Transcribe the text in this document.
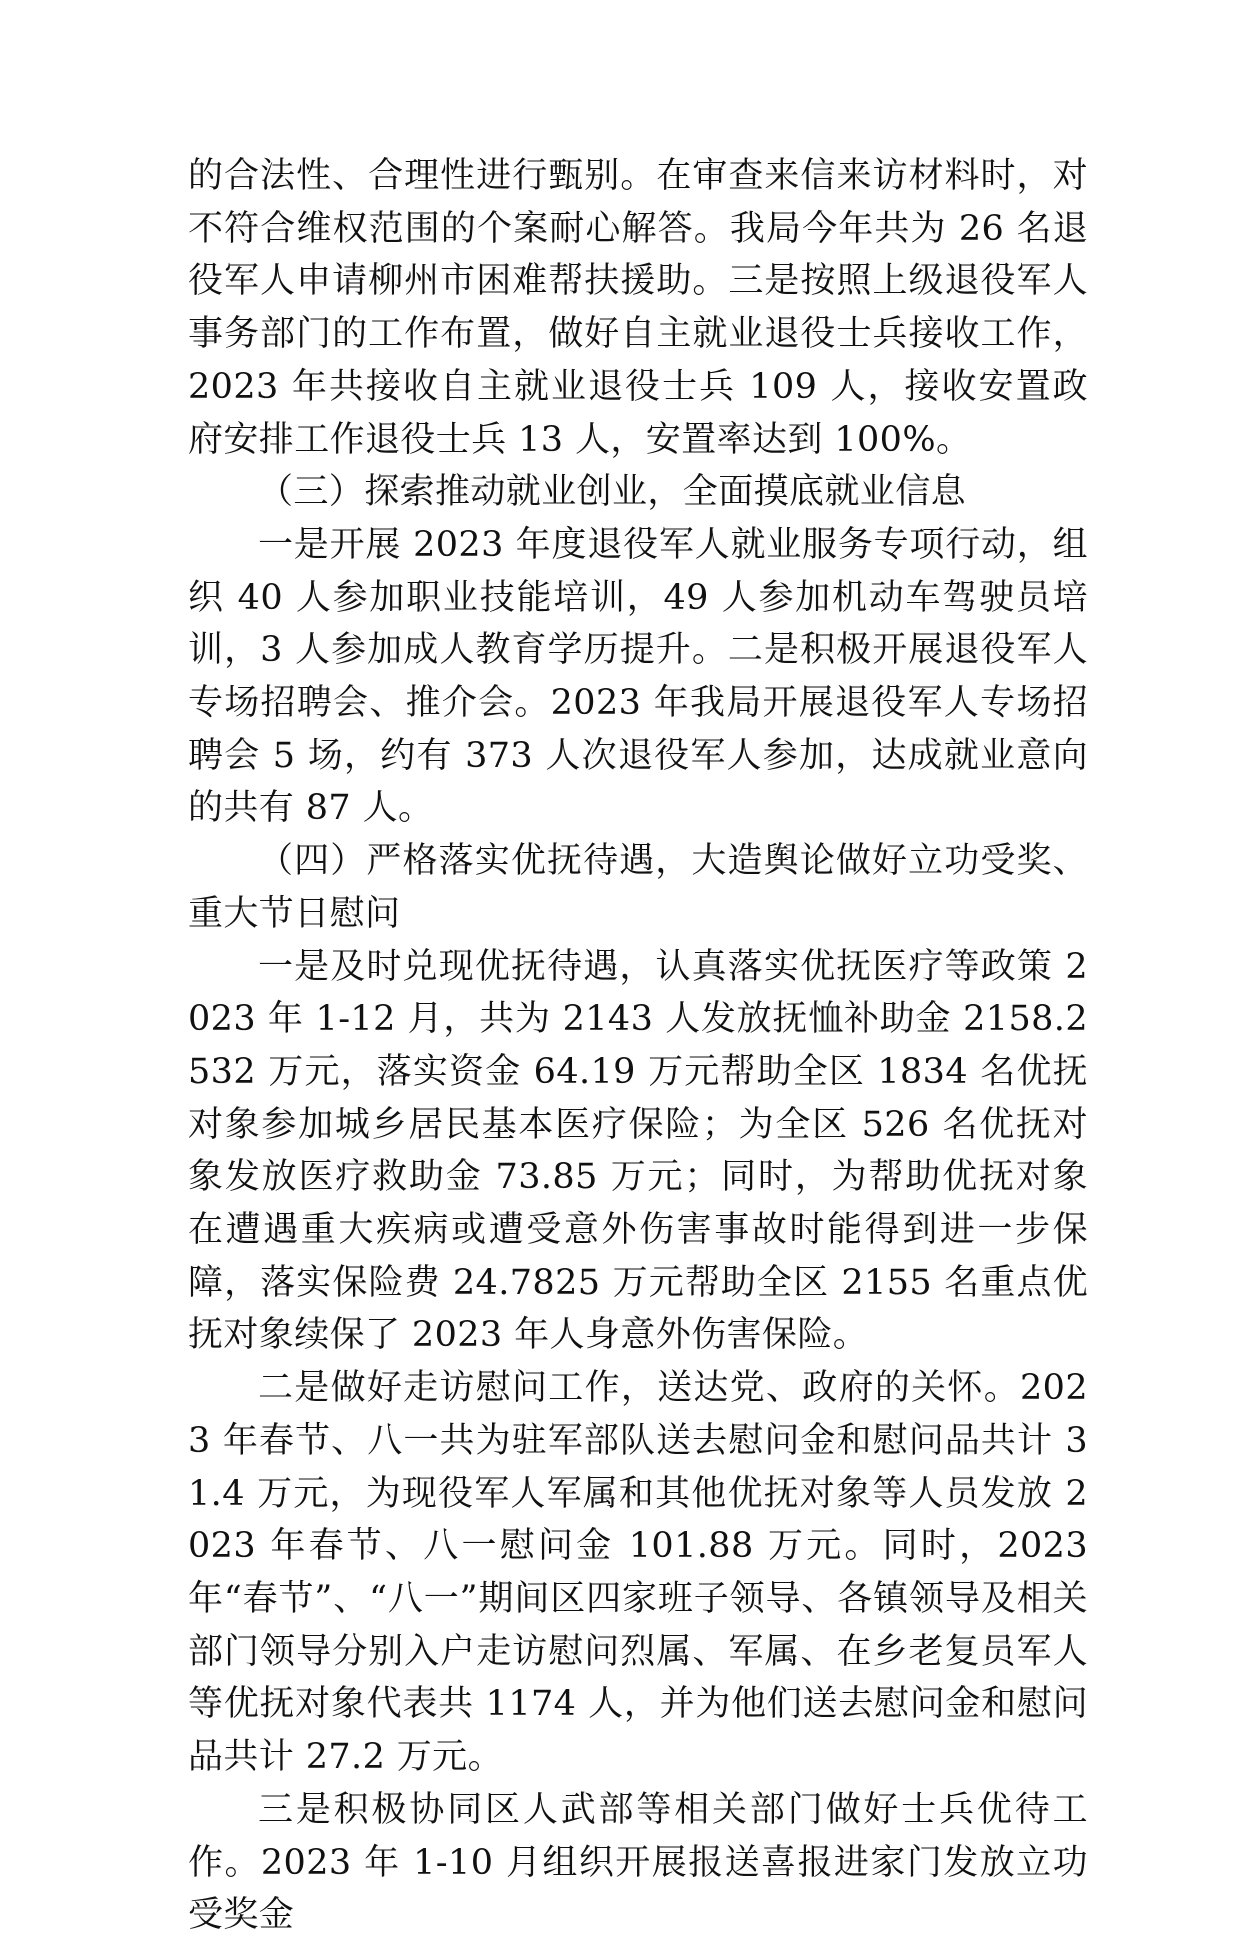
的合法性、合理性进行甄别。在审查来信来访材料时，对不符合维权范围的个案耐心解答。我局今年共为 26 名退役军人申请柳州市困难帮扶援助。三是按照上级退役军人事务部门的工作布置，做好自主就业退役士兵接收工作，2023 年共接收自主就业退役士兵 109 人，接收安置政府安排工作退役士兵 13 人，安置率达到 100%。

（三）探索推动就业创业，全面摸底就业信息

一是开展 2023 年度退役军人就业服务专项行动，组织 40 人参加职业技能培训，49 人参加机动车驾驶员培训，3 人参加成人教育学历提升。二是积极开展退役军人专场招聘会、推介会。2023 年我局开展退役军人专场招聘会 5 场，约有 373 人次退役军人参加，达成就业意向的共有 87 人。

（四）严格落实优抚待遇，大造舆论做好立功受奖、重大节日慰问

一是及时兑现优抚待遇，认真落实优抚医疗等政策 2023 年 1-12 月，共为 2143 人发放抚恤补助金 2158.2532 万元，落实资金 64.19 万元帮助全区 1834 名优抚对象参加城乡居民基本医疗保险；为全区 526 名优抚对象发放医疗救助金 73.85 万元；同时，为帮助优抚对象在遭遇重大疾病或遭受意外伤害事故时能得到进一步保障，落实保险费 24.7825 万元帮助全区 2155 名重点优抚对象续保了 2023 年人身意外伤害保险。

二是做好走访慰问工作，送达党、政府的关怀。2023 年春节、八一共为驻军部队送去慰问金和慰问品共计 31.4 万元，为现役军人军属和其他优抚对象等人员发放 2023 年春节、八一慰问金 101.88 万元。同时，2023 年“春节”、“八一”期间区四家班子领导、各镇领导及相关部门领导分别入户走访慰问烈属、军属、在乡老复员军人等优抚对象代表共 1174 人，并为他们送去慰问金和慰问品共计 27.2 万元。

三是积极协同区人武部等相关部门做好士兵优待工作。2023 年 1-10 月组织开展报送喜报进家门发放立功受奖金
